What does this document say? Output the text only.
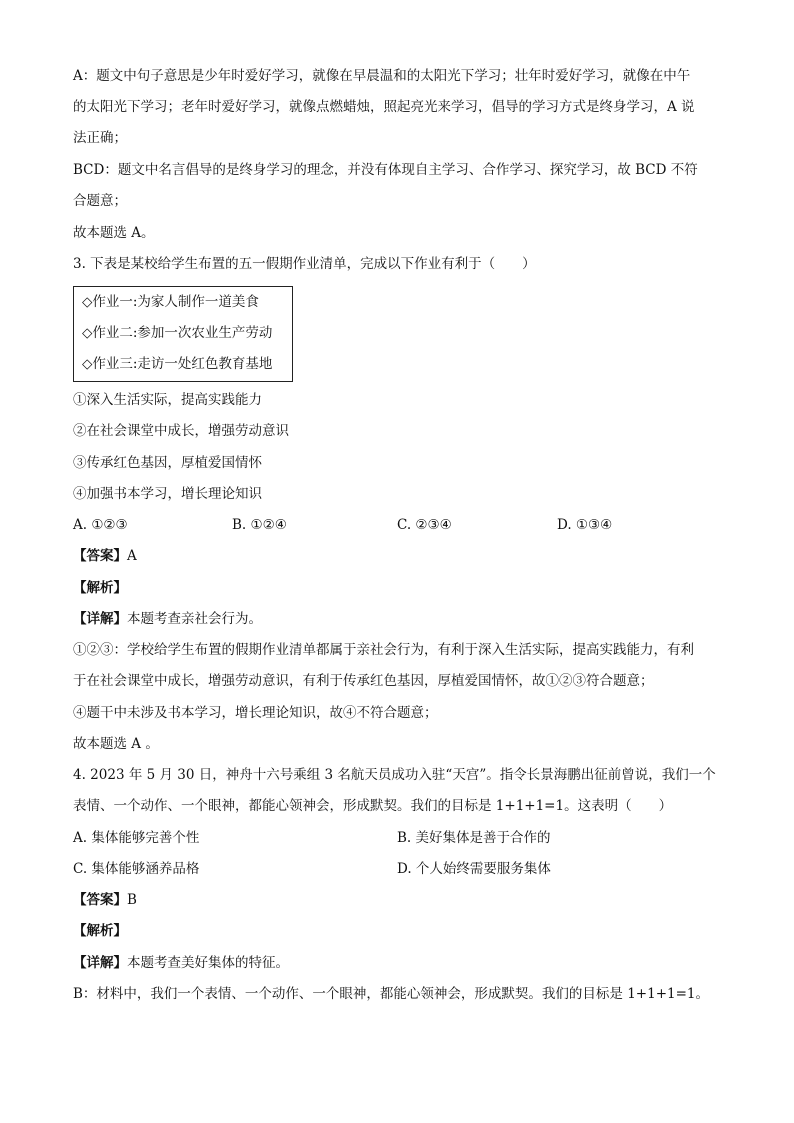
A：题文中句子意思是少年时爱好学习，就像在早晨温和的太阳光下学习；壮年时爱好学习，就像在中午
的太阳光下学习；老年时爱好学习，就像点燃蜡烛，照起亮光来学习，倡导的学习方式是终身学习，A 说
法正确；
BCD：题文中名言倡导的是终身学习的理念，并没有体现自主学习、合作学习、探究学习，故 BCD 不符
合题意；
故本题选 A。
3. 下表是某校给学生布置的五一假期作业清单，完成以下作业有利于（　　）
◇作业一:为家人制作一道美食
◇作业二:参加一次农业生产劳动
◇作业三:走访一处红色教育基地
①深入生活实际，提高实践能力
②在社会课堂中成长，增强劳动意识
③传承红色基因，厚植爱国情怀
④加强书本学习，增长理论知识
A. ①②③	B. ①②④	C. ②③④	D. ①③④
【答案】A
【解析】
【详解】本题考查亲社会行为。
①②③：学校给学生布置的假期作业清单都属于亲社会行为，有利于深入生活实际，提高实践能力，有利
于在社会课堂中成长，增强劳动意识，有利于传承红色基因，厚植爱国情怀，故①②③符合题意；
④题干中未涉及书本学习，增长理论知识，故④不符合题意；
故本题选 A 。
4. 2023 年 5 月 30 日，神舟十六号乘组 3 名航天员成功入驻“天宫”。指令长景海鹏出征前曾说，我们一个
表情、一个动作、一个眼神，都能心领神会，形成默契。我们的目标是 1+1+1=1。这表明（　　）
A. 集体能够完善个性	B. 美好集体是善于合作的
C. 集体能够涵养品格	D. 个人始终需要服务集体
【答案】B
【解析】
【详解】本题考查美好集体的特征。
B：材料中，我们一个表情、一个动作、一个眼神，都能心领神会，形成默契。我们的目标是 1+1+1=1。
